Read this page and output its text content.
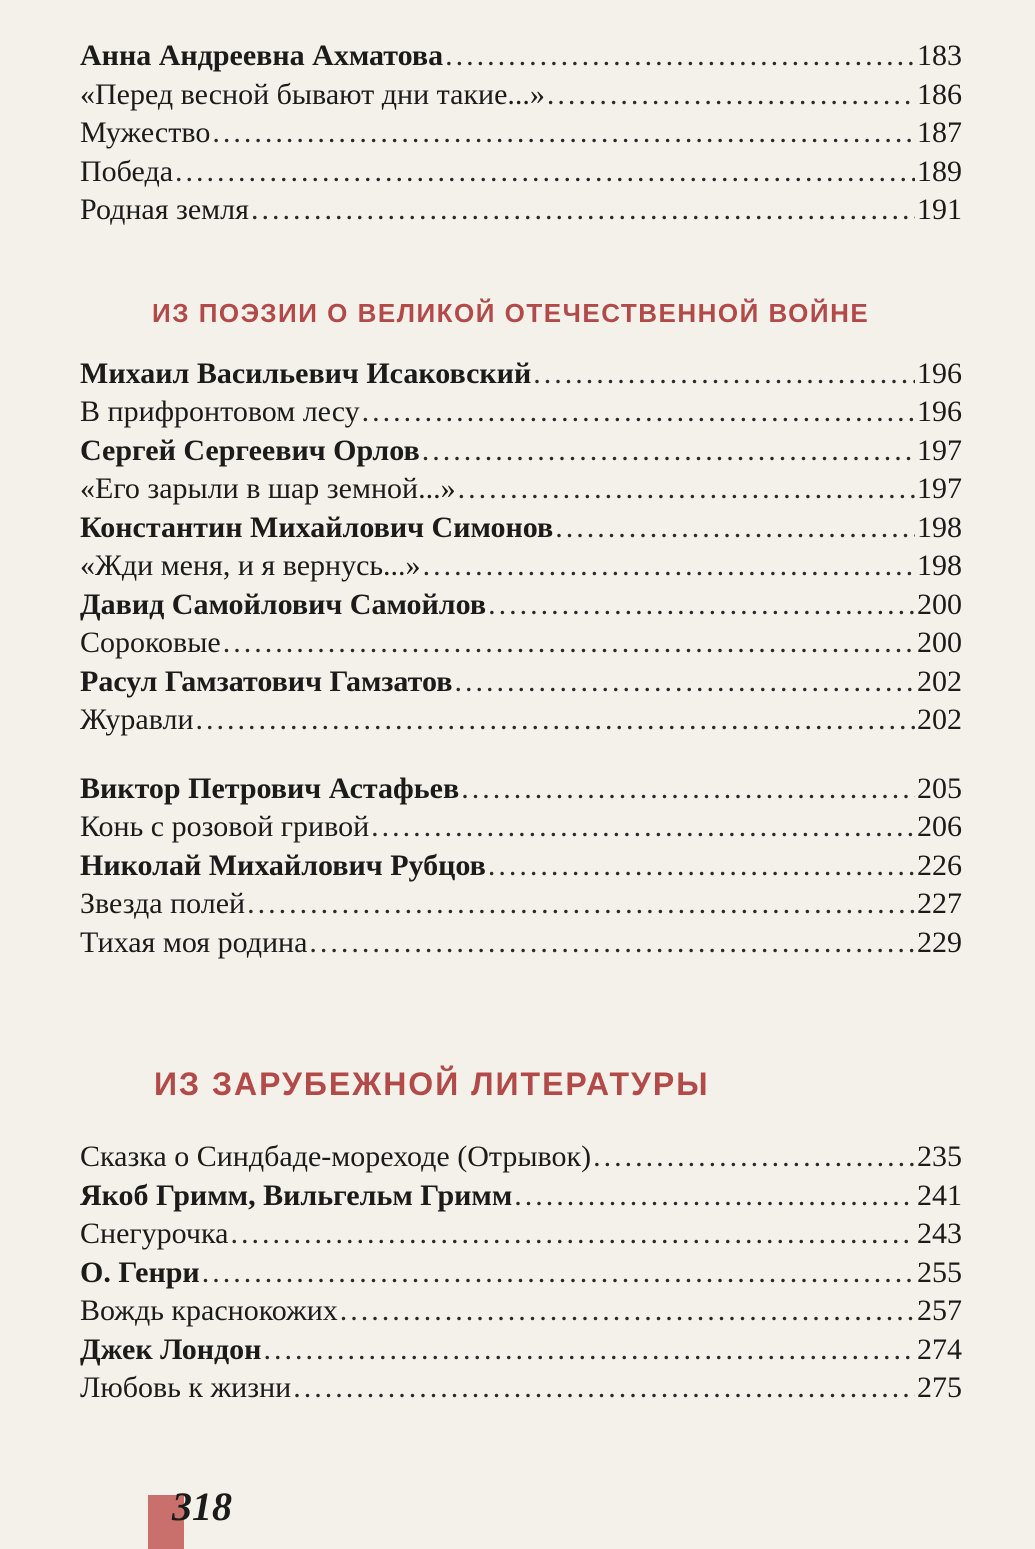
Анна Андреевна Ахматова .....	183
«Перед весной бывают дни такие...» .....	186
Мужество .....	187
Победа .....	189
Родная земля .....	191
ИЗ ПОЭЗИИ О ВЕЛИКОЙ ОТЕЧЕСТВЕННОЙ ВОЙНЕ
Михаил Васильевич Исаковский .....	196
В прифронтовом лесу .....	196
Сергей Сергеевич Орлов .....	197
«Его зарыли в шар земной...» .....	197
Константин Михайлович Симонов .....	198
«Жди меня, и я вернусь...» .....	198
Давид Самойлович Самойлов .....	200
Сороковые .....	200
Расул Гамзатович Гамзатов .....	202
Журавли .....	202
Виктор Петрович Астафьев .....	205
Конь с розовой гривой .....	206
Николай Михайлович Рубцов .....	226
Звезда полей .....	227
Тихая моя родина .....	229
ИЗ ЗАРУБЕЖНОЙ ЛИТЕРАТУРЫ
Сказка о Синдбаде-мореходе (Отрывок) .....	235
Якоб Гримм, Вильгельм Гримм .....	241
Снегурочка .....	243
О. Генри .....	255
Вождь краснокожих .....	257
Джек Лондон .....	274
Любовь к жизни .....	275
318
